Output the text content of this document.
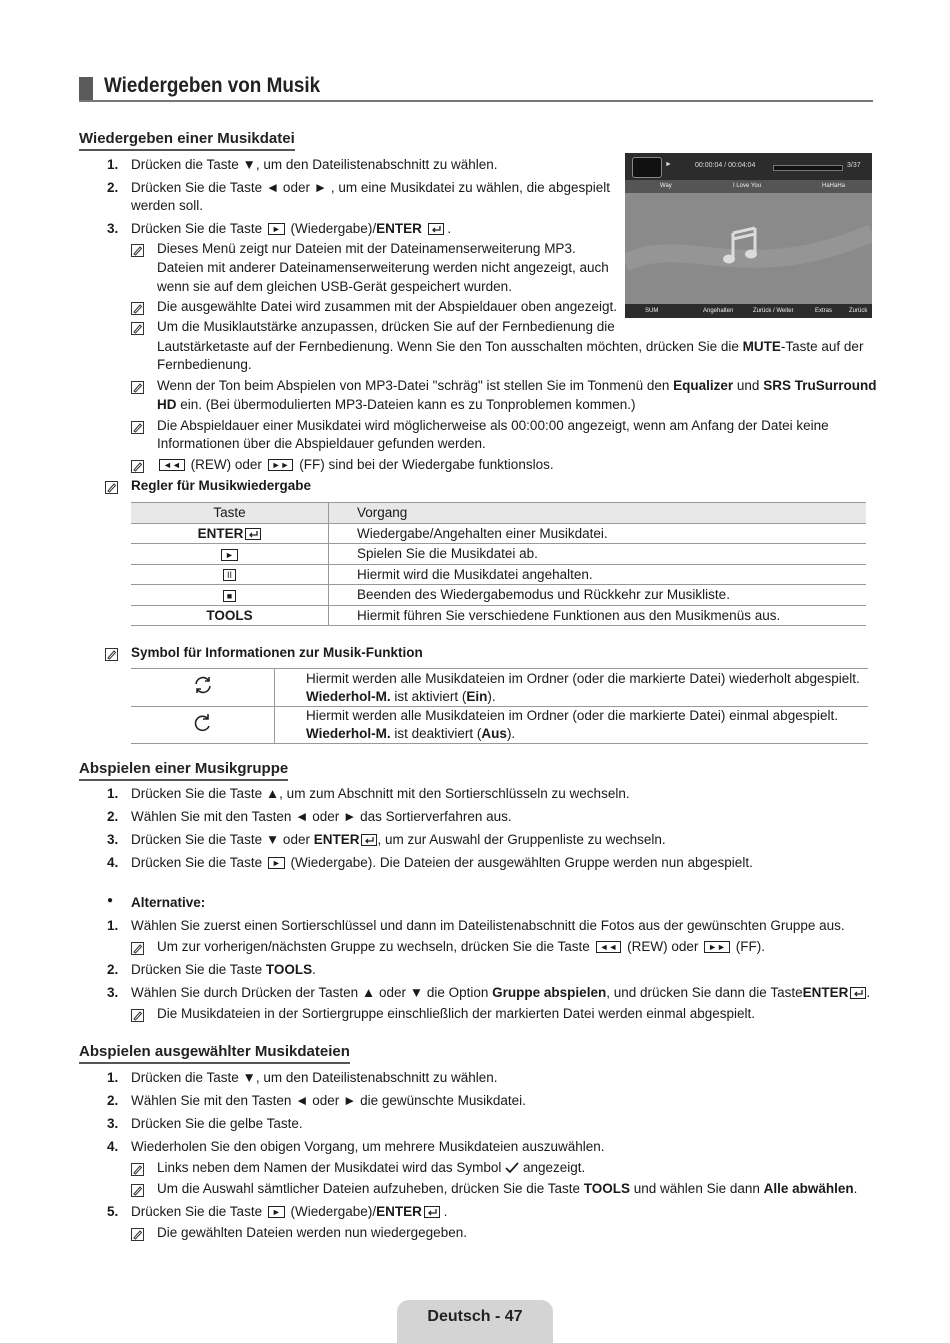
Wiedergeben von Musik
Wiedergeben einer Musikdatei
1. Drücken die Taste ▼, um den Dateilistenabschnitt zu wählen.
2. Drücken Sie die Taste ◄ oder ► , um eine Musikdatei zu wählen, die abgespielt
werden soll.
3. Drücken Sie die Taste ► (Wiedergabe)/ENTER .
Dieses Menü zeigt nur Dateien mit der Dateinamenserweiterung MP3.
Dateien mit anderer Dateinamenserweiterung werden nicht angezeigt, auch
wenn sie auf dem gleichen USB-Gerät gespeichert wurden.
Die ausgewählte Datei wird zusammen mit der Abspieldauer oben angezeigt.
Um die Musiklautstärke anzupassen, drücken Sie auf der Fernbedienung die
Lautstärketaste auf der Fernbedienung. Wenn Sie den Ton ausschalten möchten, drücken Sie die MUTE-Taste auf der
Fernbedienung.
Wenn der Ton beim Abspielen von MP3-Datei "schräg" ist stellen Sie im Tonmenü den Equalizer und SRS TruSurround
HD ein. (Bei übermodulierten MP3-Dateien kann es zu Tonproblemen kommen.)
Die Abspieldauer einer Musikdatei wird möglicherweise als 00:00:00 angezeigt, wenn am Anfang der Datei keine
Informationen über die Abspieldauer gefunden werden.
◄◄ (REW) oder ►► (FF) sind bei der Wiedergabe funktionslos.
►	00:00:04 / 00:04:04	3/37
Way	I Love You	HaHaHa
SUM	Angehalten	Zurück / Weiter	Extras	Zurück
Regler für Musikwiedergabe
Taste	Vorgang
ENTER	Wiedergabe/Angehalten einer Musikdatei.
►	Spielen Sie die Musikdatei ab.
II	Hiermit wird die Musikdatei angehalten.
■	Beenden des Wiedergabemodus und Rückkehr zur Musikliste.
TOOLS	Hiermit führen Sie verschiedene Funktionen aus den Musikmenüs aus.
Symbol für Informationen zur Musik-Funktion

Hiermit werden alle Musikdateien im Ordner (oder die markierte Datei) wiederholt abgespielt.
Wiederhol-M. ist aktiviert (Ein).

Hiermit werden alle Musikdateien im Ordner (oder die markierte Datei) einmal abgespielt.
Wiederhol-M. ist deaktiviert (Aus).
Abspielen einer Musikgruppe
1. Drücken Sie die Taste ▲, um zum Abschnitt mit den Sortierschlüsseln zu wechseln.
2. Wählen Sie mit den Tasten ◄ oder ► das Sortierverfahren aus.
3. Drücken Sie die Taste ▼ oder ENTER , um zur Auswahl der Gruppenliste zu wechseln.
4. Drücken Sie die Taste ► (Wiedergabe). Die Dateien der ausgewählten Gruppe werden nun abgespielt.
●	Alternative:
1. Wählen Sie zuerst einen Sortierschlüssel und dann im Dateilistenabschnitt die Fotos aus der gewünschten Gruppe aus.
Um zur vorherigen/nächsten Gruppe zu wechseln, drücken Sie die Taste ◄◄ (REW) oder ►► (FF).
2. Drücken Sie die Taste TOOLS.
3. Wählen Sie durch Drücken der Tasten ▲ oder ▼ die Option Gruppe abspielen, und drücken Sie dann die TasteENTER .
Die Musikdateien in der Sortiergruppe einschließlich der markierten Datei werden einmal abgespielt.
Abspielen ausgewählter Musikdateien
1. Drücken die Taste ▼, um den Dateilistenabschnitt zu wählen.
2. Wählen Sie mit den Tasten ◄ oder ► die gewünschte Musikdatei.
3. Drücken Sie die gelbe Taste.
4. Wiederholen Sie den obigen Vorgang, um mehrere Musikdateien auszuwählen.
Links neben dem Namen der Musikdatei wird das Symbol angezeigt.
Um die Auswahl sämtlicher Dateien aufzuheben, drücken Sie die Taste TOOLS und wählen Sie dann Alle abwählen.
5. Drücken Sie die Taste ► (Wiedergabe)/ENTER .
Die gewählten Dateien werden nun wiedergegeben.
Deutsch - 47
